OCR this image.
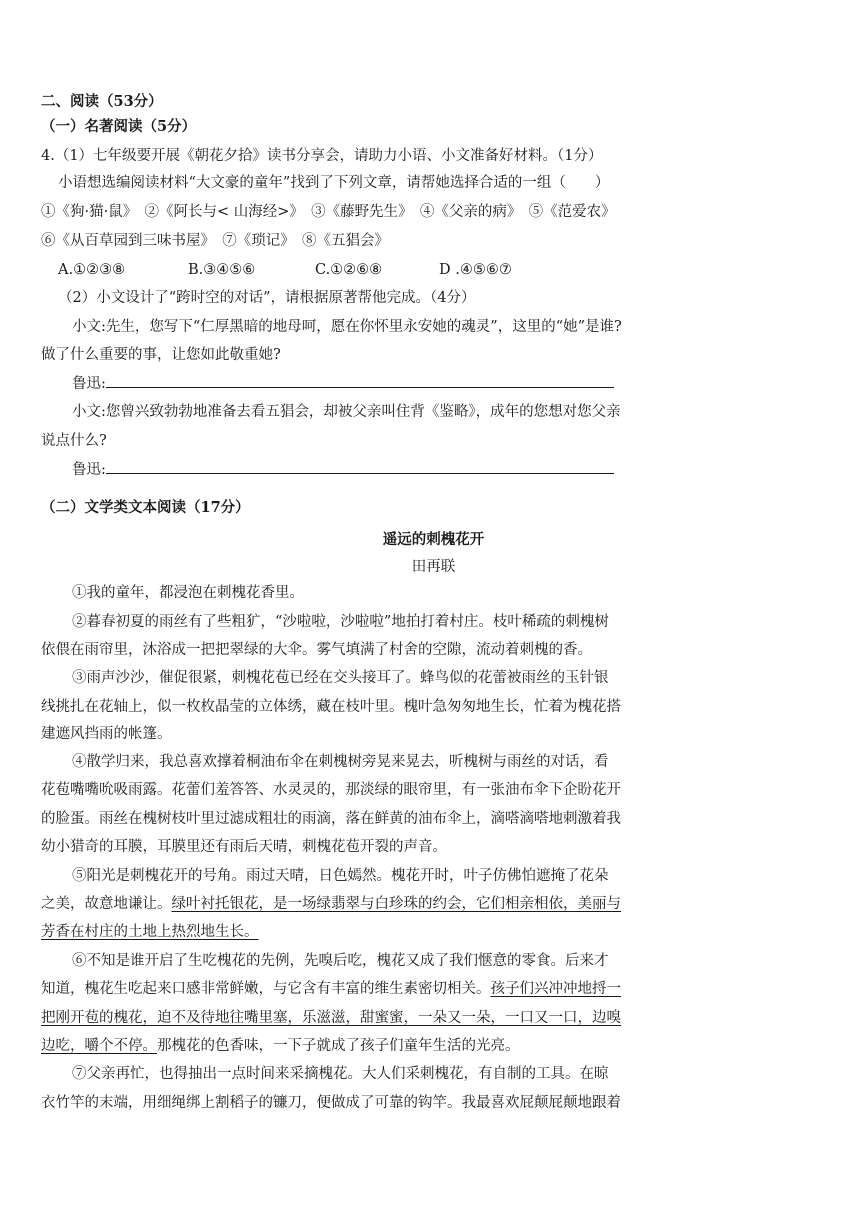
二、阅读（53分）
（一）名著阅读（5分）
4.（1）七年级要开展《朝花夕拾》读书分享会，请助力小语、小文准备好材料。（1分）
小语想选编阅读材料“大文豪的童年”找到了下列文章，请帮她选择合适的一组（　　）
①《狗·猫·鼠》　②《阿长与< 山海经>》　③《藤野先生》　④《父亲的病》　⑤《范爱农》
⑥《从百草园到三味书屋》　⑦《琐记》　⑧《五猖会》
A.①②③⑧	B.③④⑤⑥	C.①②⑥⑧	D .④⑤⑥⑦
（2）小文设计了“跨时空的对话”，请根据原著帮他完成。（4分）
小文:先生，您写下“仁厚黑暗的地母呵，愿在你怀里永安她的魂灵”，这里的“她”是谁?
做了什么重要的事，让您如此敬重她?
鲁迅:
小文:您曾兴致勃勃地准备去看五猖会，却被父亲叫住背《鉴略》，成年的您想对您父亲
说点什么?
鲁迅:
（二）文学类文本阅读（17分）
遥远的刺槐花开
田再联
①我的童年，都浸泡在刺槐花香里。
②暮春初夏的雨丝有了些粗犷，“沙啦啦，沙啦啦”地拍打着村庄。枝叶稀疏的刺槐树
依偎在雨帘里，沐浴成一把把翠绿的大伞。雾气填满了村舍的空隙，流动着刺槐的香。
③雨声沙沙，催促很紧，刺槐花苞已经在交头接耳了。蜂鸟似的花蕾被雨丝的玉针银
线挑扎在花轴上，似一枚枚晶莹的立体绣，藏在枝叶里。槐叶急匆匆地生长，忙着为槐花搭
建遮风挡雨的帐篷。
④散学归来，我总喜欢撑着桐油布伞在刺槐树旁晃来晃去，听槐树与雨丝的对话，看
花苞嘴嘴吮吸雨露。花蕾们羞答答、水灵灵的，那淡绿的眼帘里，有一张油布伞下企盼花开
的脸蛋。雨丝在槐树枝叶里过滤成粗壮的雨滴，落在鲜黄的油布伞上，滴嗒滴嗒地刺激着我
幼小猎奇的耳膜，耳膜里还有雨后天晴，刺槐花苞开裂的声音。
⑤阳光是刺槐花开的号角。雨过天晴，日色嫣然。槐花开时，叶子仿佛怕遮掩了花朵
之美，故意地谦让。绿叶衬托银花，是一场绿翡翠与白珍珠的约会，它们相亲相依，美丽与
芳香在村庄的土地上热烈地生长。
⑥不知是谁开启了生吃槐花的先例，先嗅后吃，槐花又成了我们惬意的零食。后来才
知道，槐花生吃起来口感非常鲜嫩，与它含有丰富的维生素密切相关。孩子们兴冲冲地捋一
把刚开苞的槐花，迫不及待地往嘴里塞，乐滋滋，甜蜜蜜，一朵又一朵，一口又一口，边嗅
边吃，嚼个不停。那槐花的色香味，一下子就成了孩子们童年生活的光亮。
⑦父亲再忙，也得抽出一点时间来采摘槐花。大人们采刺槐花，有自制的工具。在晾
衣竹竿的末端，用细绳绑上割稻子的镰刀，便做成了可靠的钩竿。我最喜欢屁颠屁颠地跟着
